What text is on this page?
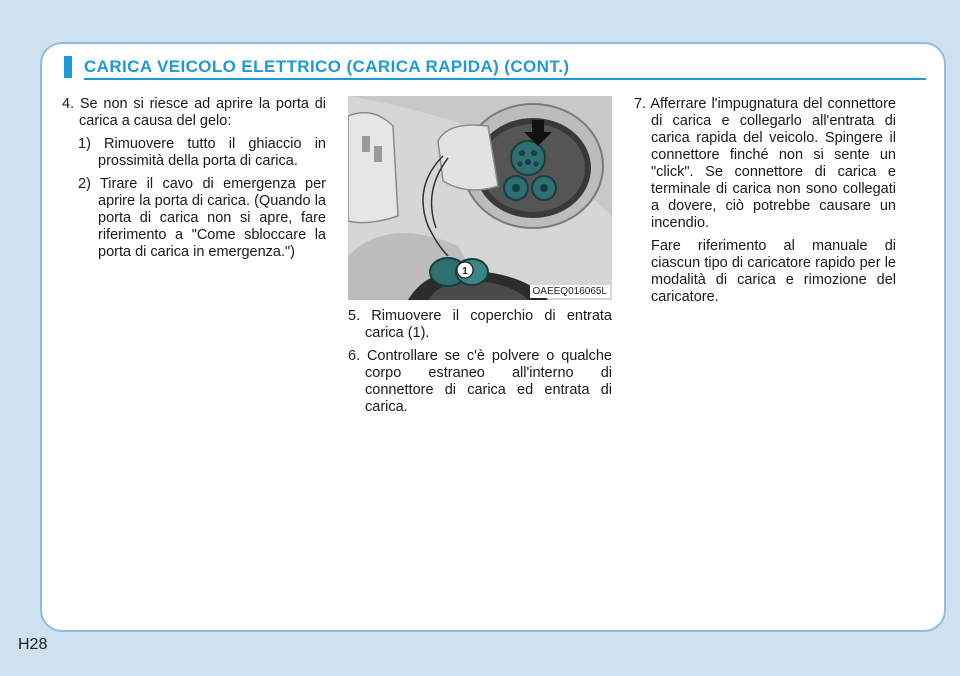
CARICA VEICOLO ELETTRICO (CARICA RAPIDA) (CONT.)

4. Se non si riesce ad aprire la porta di carica a causa del gelo:

1) Rimuovere tutto il ghiaccio in prossimità della porta di carica.

2) Tirare il cavo di emergenza per aprire la porta di carica. (Quando la porta di carica non si apre, fare riferimento a "Come sbloccare la porta di carica in emergenza.")

1
OAEEQ016065L

5. Rimuovere il coperchio di entrata carica (1).

6. Controllare se c'è polvere o qualche corpo estraneo all'interno di connettore di carica ed entrata di carica.

7. Afferrare l'impugnatura del connettore di carica e collegarlo all'entrata di carica rapida del veicolo. Spingere il connettore finché non si sente un "click". Se connettore di carica e terminale di carica non sono collegati a dovere, ciò potrebbe causare un incendio.

Fare riferimento al manuale di ciascun tipo di caricatore rapido per le modalità di carica e rimozione del caricatore.

H28
